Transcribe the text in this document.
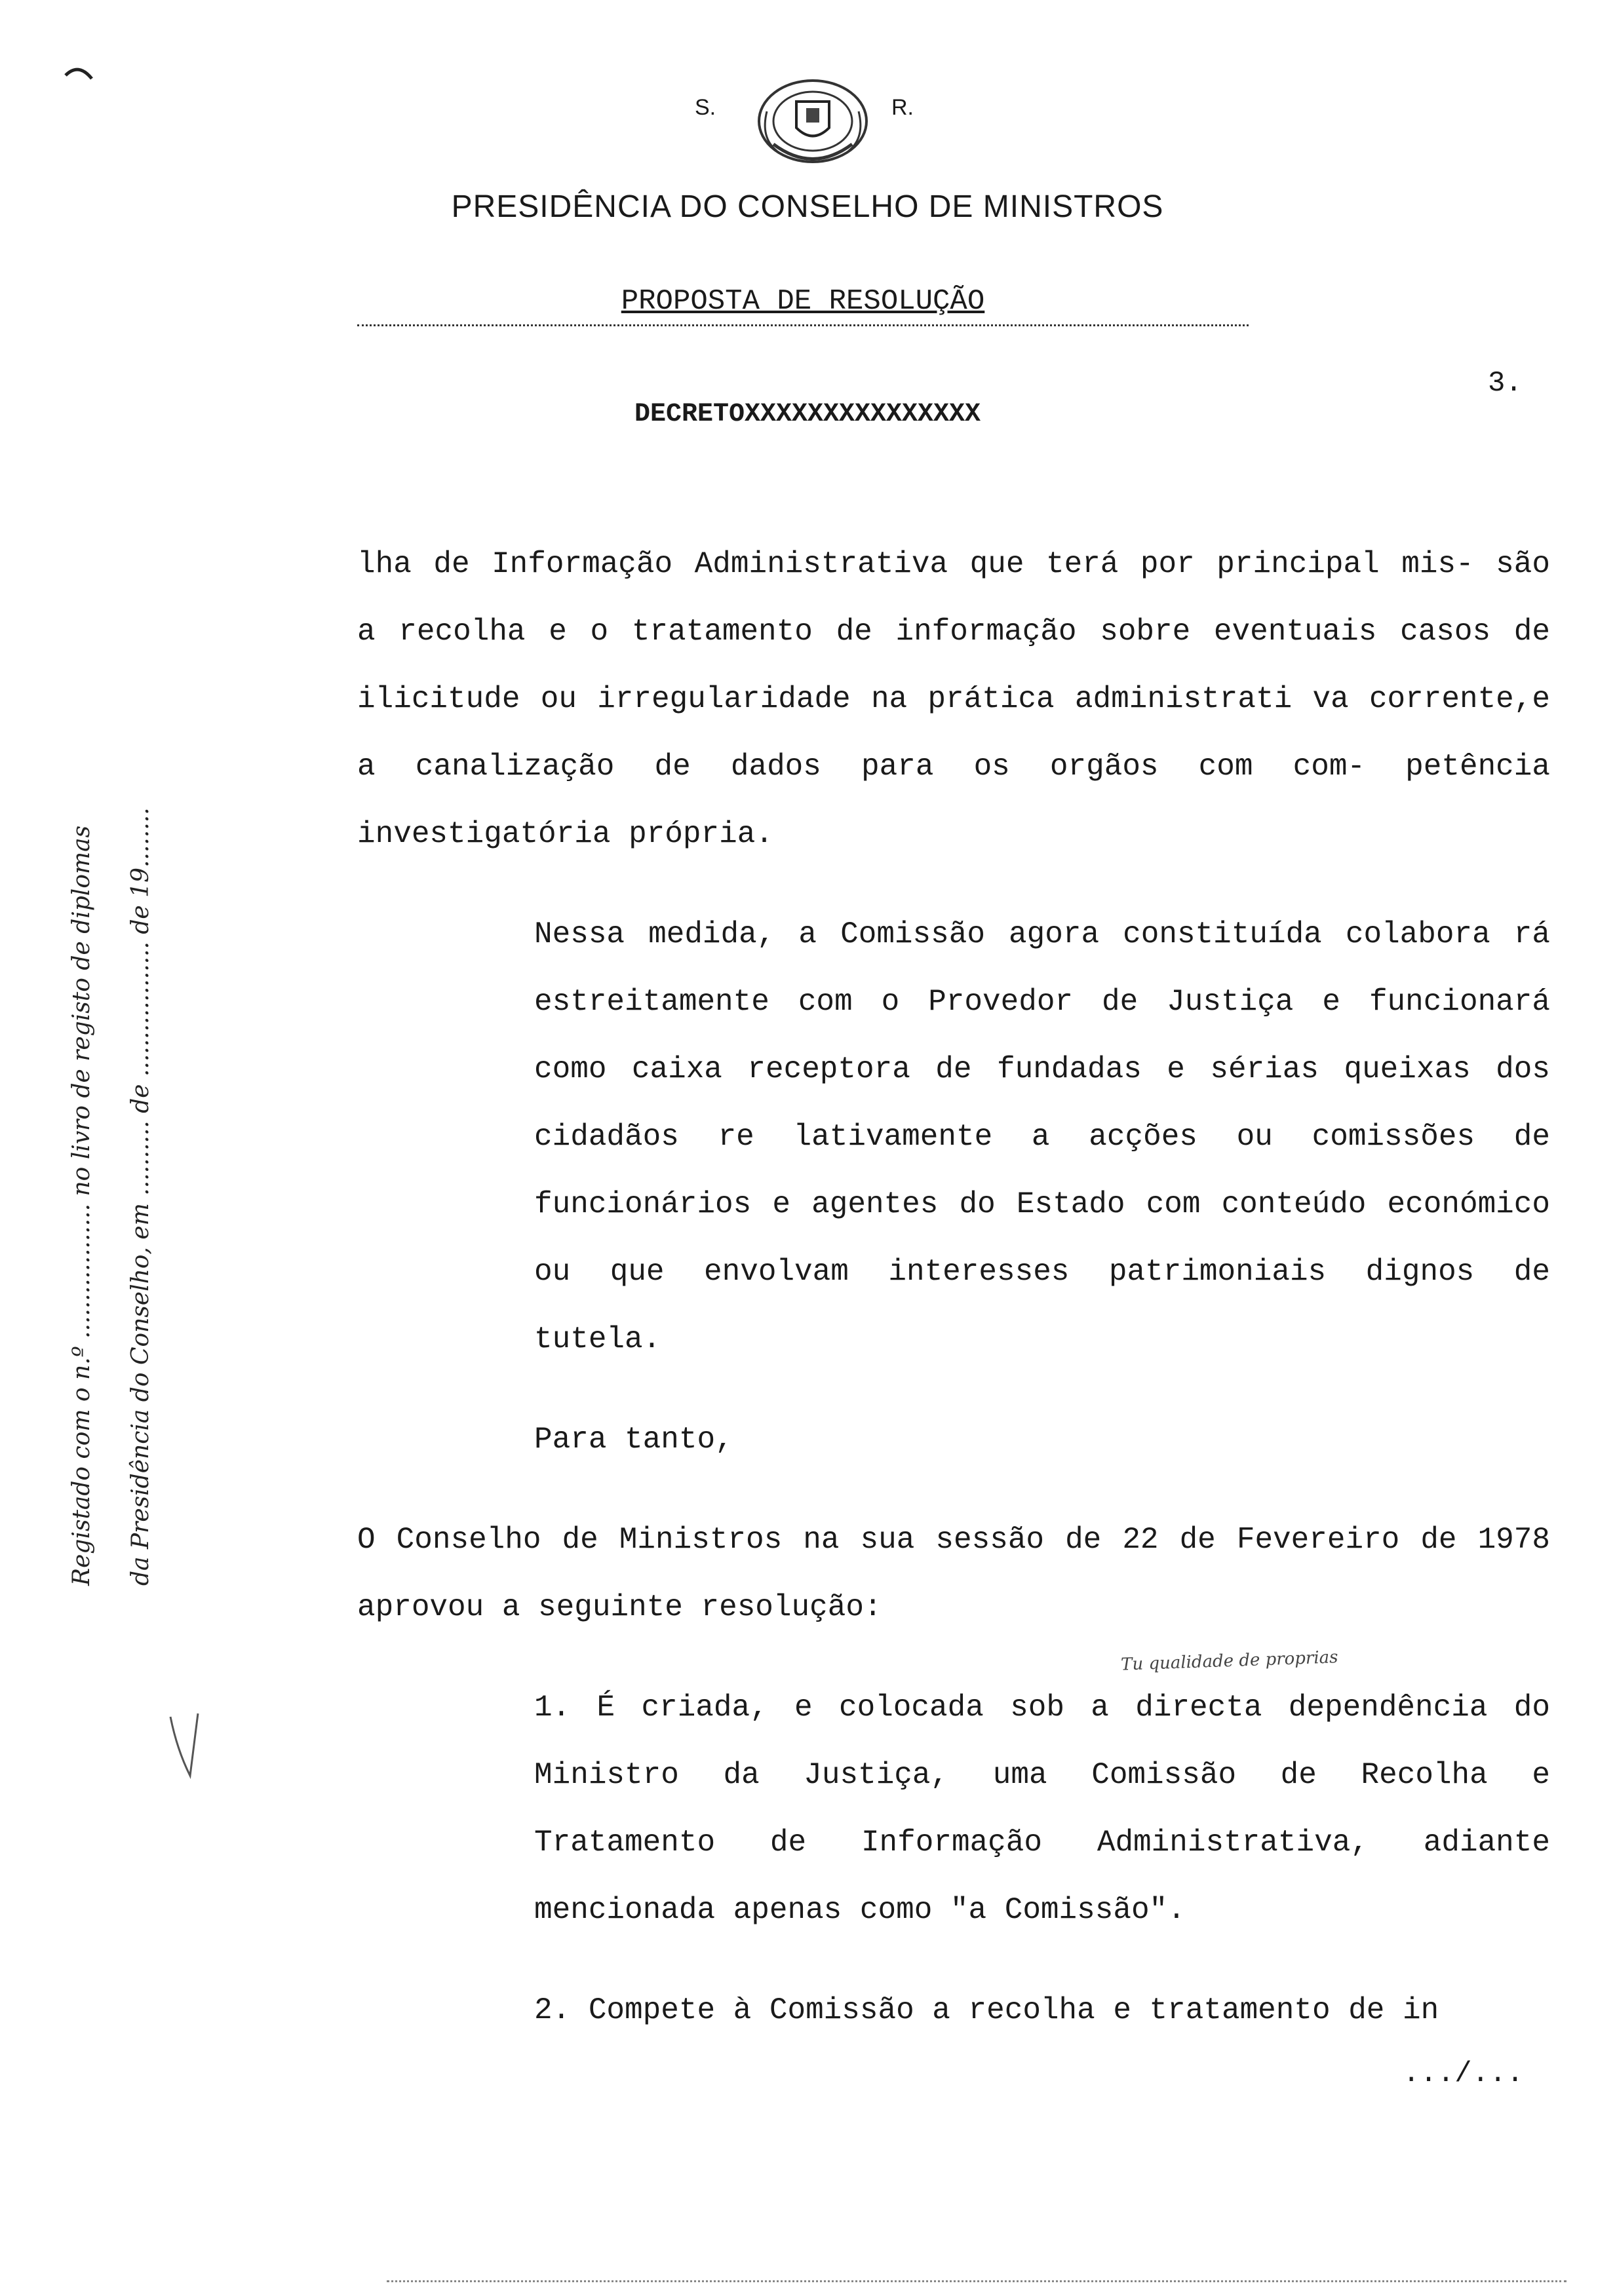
S.	R.
PRESIDÊNCIA DO CONSELHO DE MINISTROS
PROPOSTA DE RESOLUÇÃO
3.
DECRETOXXXXXXXXXXXXXXX

lha de Informação Administrativa que terá por principal mis- são a recolha e o tratamento de informação sobre eventuais casos de ilicitude ou irregularidade na prática administrati va corrente,e a canalização de dados para os orgãos com com- petência investigatória própria.

Nessa medida, a Comissão agora constituída colabora rá estreitamente com o Provedor de Justiça e funcionará como caixa receptora de fundadas e sérias queixas dos cidadãos re lativamente a acções ou comissões de funcionários e agentes do Estado com conteúdo económico ou que envolvam interesses patrimoniais dignos de tutela.

Para tanto,

O Conselho de Ministros na sua sessão de 22 de Fevereiro de 1978 aprovou a seguinte resolução:

1. É criada, e colocada sob a directa dependência do Ministro da Justiça, uma Comissão de Recolha e Tratamento de Informação Administrativa, adiante mencionada apenas como "a Comissão".

2. Compete à Comissão a recolha e tratamento de in

Tu qualidade de proprias
.../...
Registado com o n.º .................. no livro de registo de diplomas	da Presidência do Conselho, em .......... de .................. de 19........
